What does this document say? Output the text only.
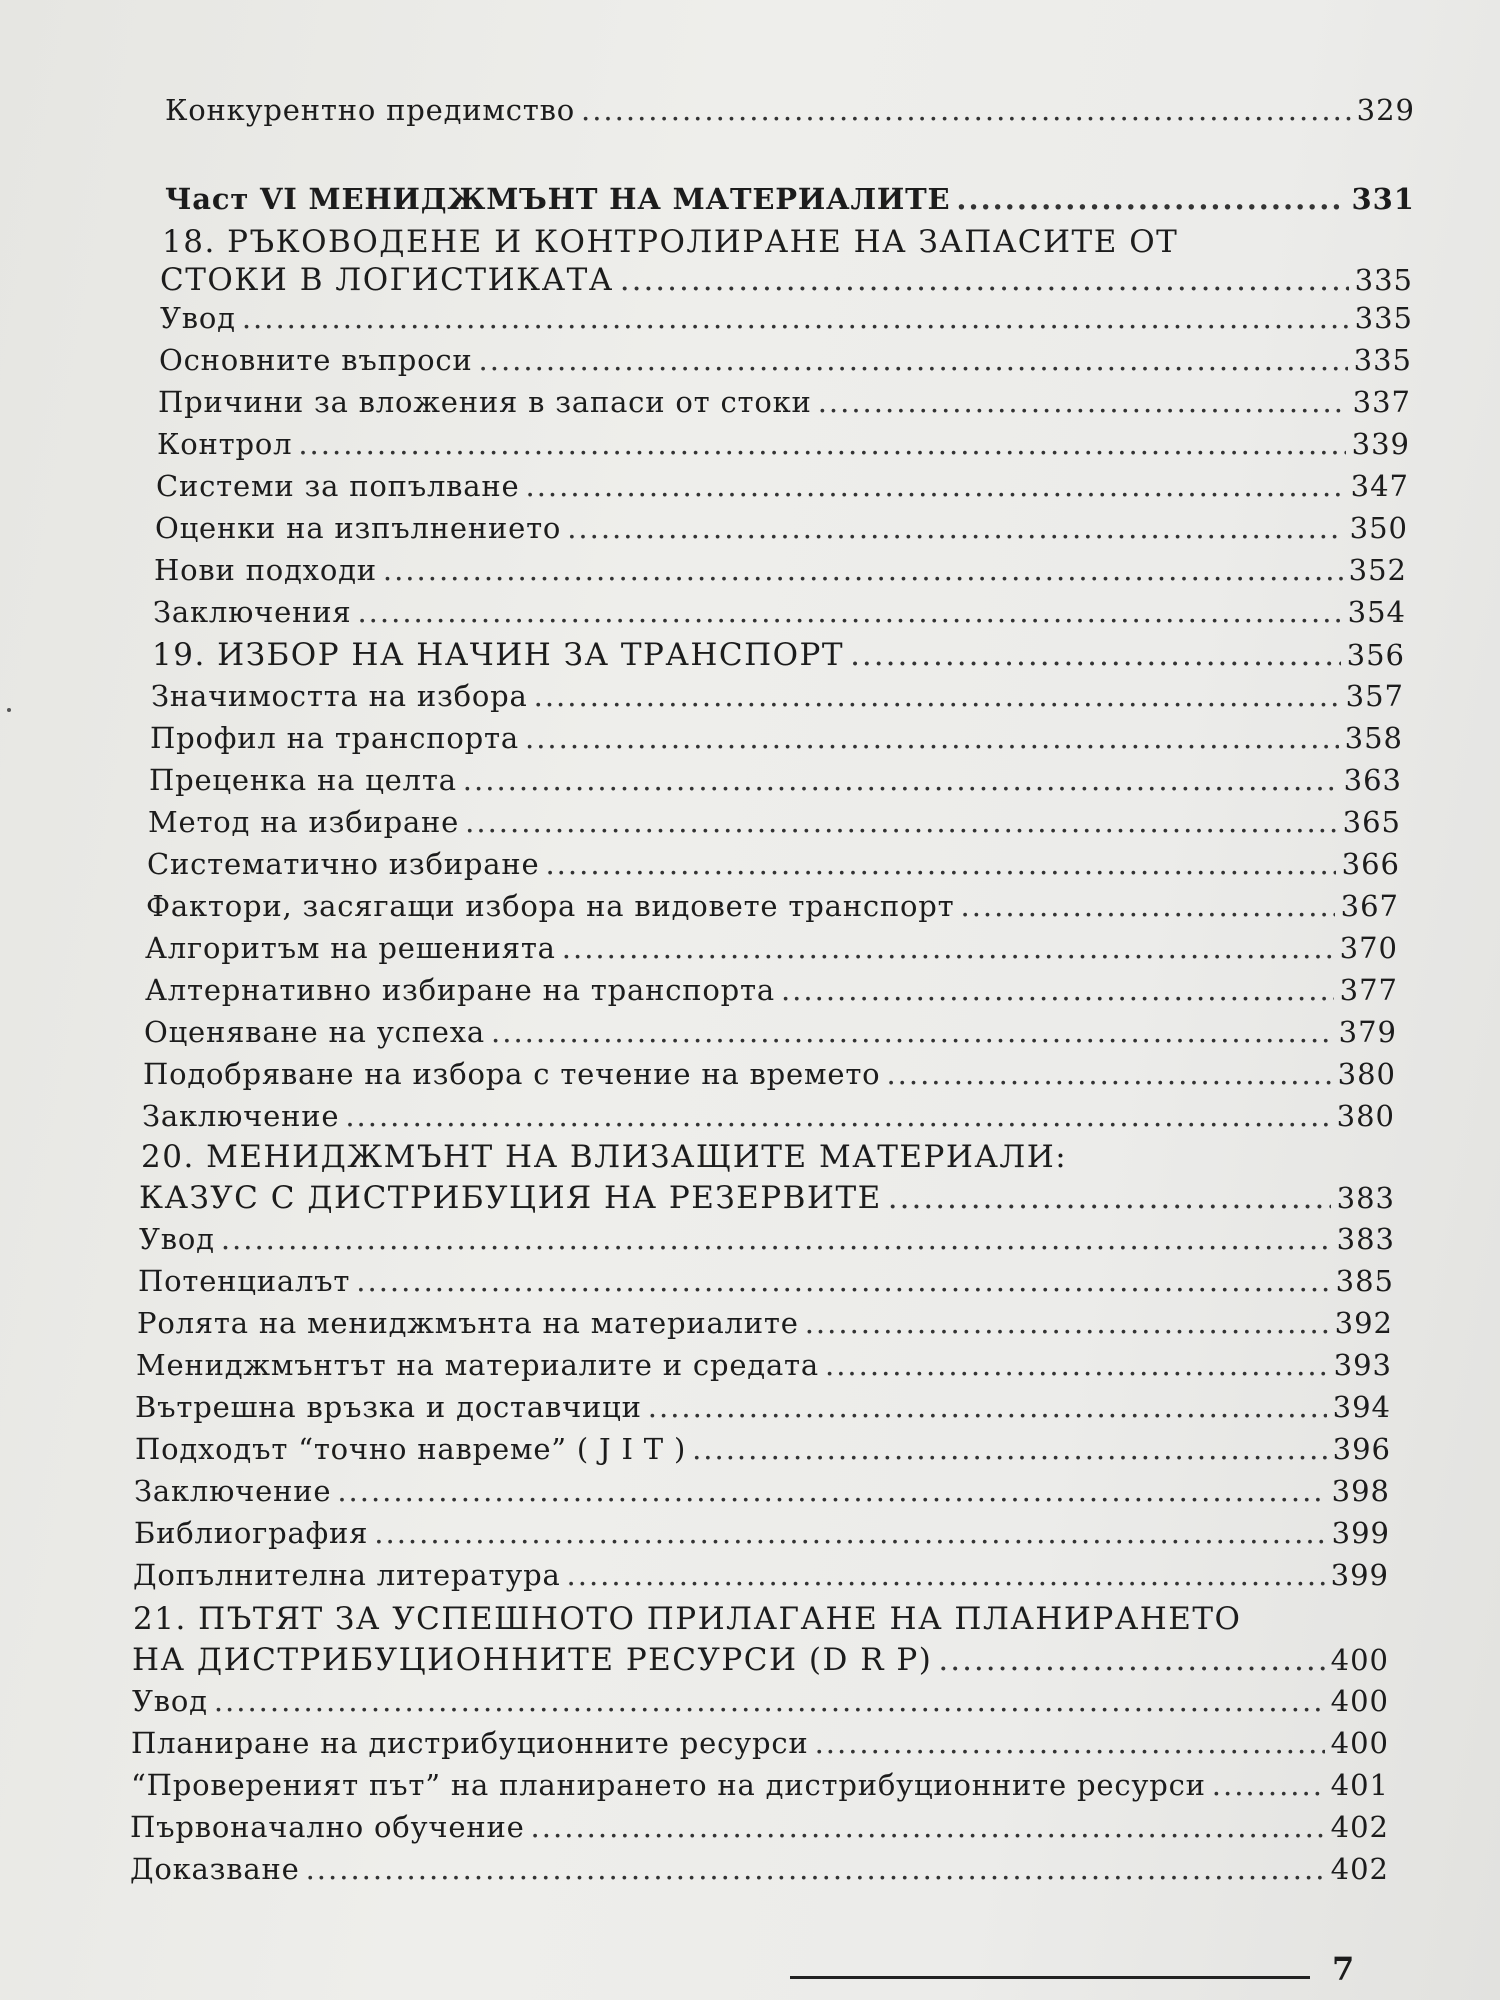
Конкурентно предимство .....	329
Част VI МЕНИДЖМЪНТ НА МАТЕРИАЛИТЕ .....	331
18. РЪКОВОДЕНЕ И КОНТРОЛИРАНЕ НА ЗАПАСИТЕ ОТ
СТОКИ В ЛОГИСТИКАТА .....	335
Увод .....	335
Основните въпроси .....	335
Причини за вложения в запаси от стоки .....	337
Контрол .....	339
Системи за попълване .....	347
Оценки на изпълнението .....	350
Нови подходи .....	352
Заключения .....	354
19. ИЗБОР НА НАЧИН ЗА ТРАНСПОРТ .....	356
Значимостта на избора .....	357
Профил на транспорта .....	358
Преценка на целта .....	363
Метод на избиране .....	365
Систематично избиране .....	366
Фактори, засягащи избора на видовете транспорт .....	367
Алгоритъм на решенията .....	370
Алтернативно избиране на транспорта .....	377
Оценяване на успеха .....	379
Подобряване на избора с течение на времето .....	380
Заключение .....	380
20. МЕНИДЖМЪНТ НА ВЛИЗАЩИТЕ МАТЕРИАЛИ:
КАЗУС С ДИСТРИБУЦИЯ НА РЕЗЕРВИТЕ .....	383
Увод .....	383
Потенциалът .....	385
Ролята на мениджмънта на материалите .....	392
Мениджмънтът на материалите и средата .....	393
Вътрешна връзка и доставчици .....	394
Подходът “точно навреме” ( J I T ) .....	396
Заключение .....	398
Библиография .....	399
Допълнителна литература .....	399
21. ПЪТЯТ ЗА УСПЕШНОТО ПРИЛАГАНЕ НА ПЛАНИРАНЕТО
НА ДИСТРИБУЦИОННИТЕ РЕСУРСИ (D R P) .....	400
Увод .....	400
Планиране на дистрибуционните ресурси .....	400
“Провереният път” на планирането на дистрибуционните ресурси .....	401
Първоначално обучение .....	402
Доказване .....	402
7
